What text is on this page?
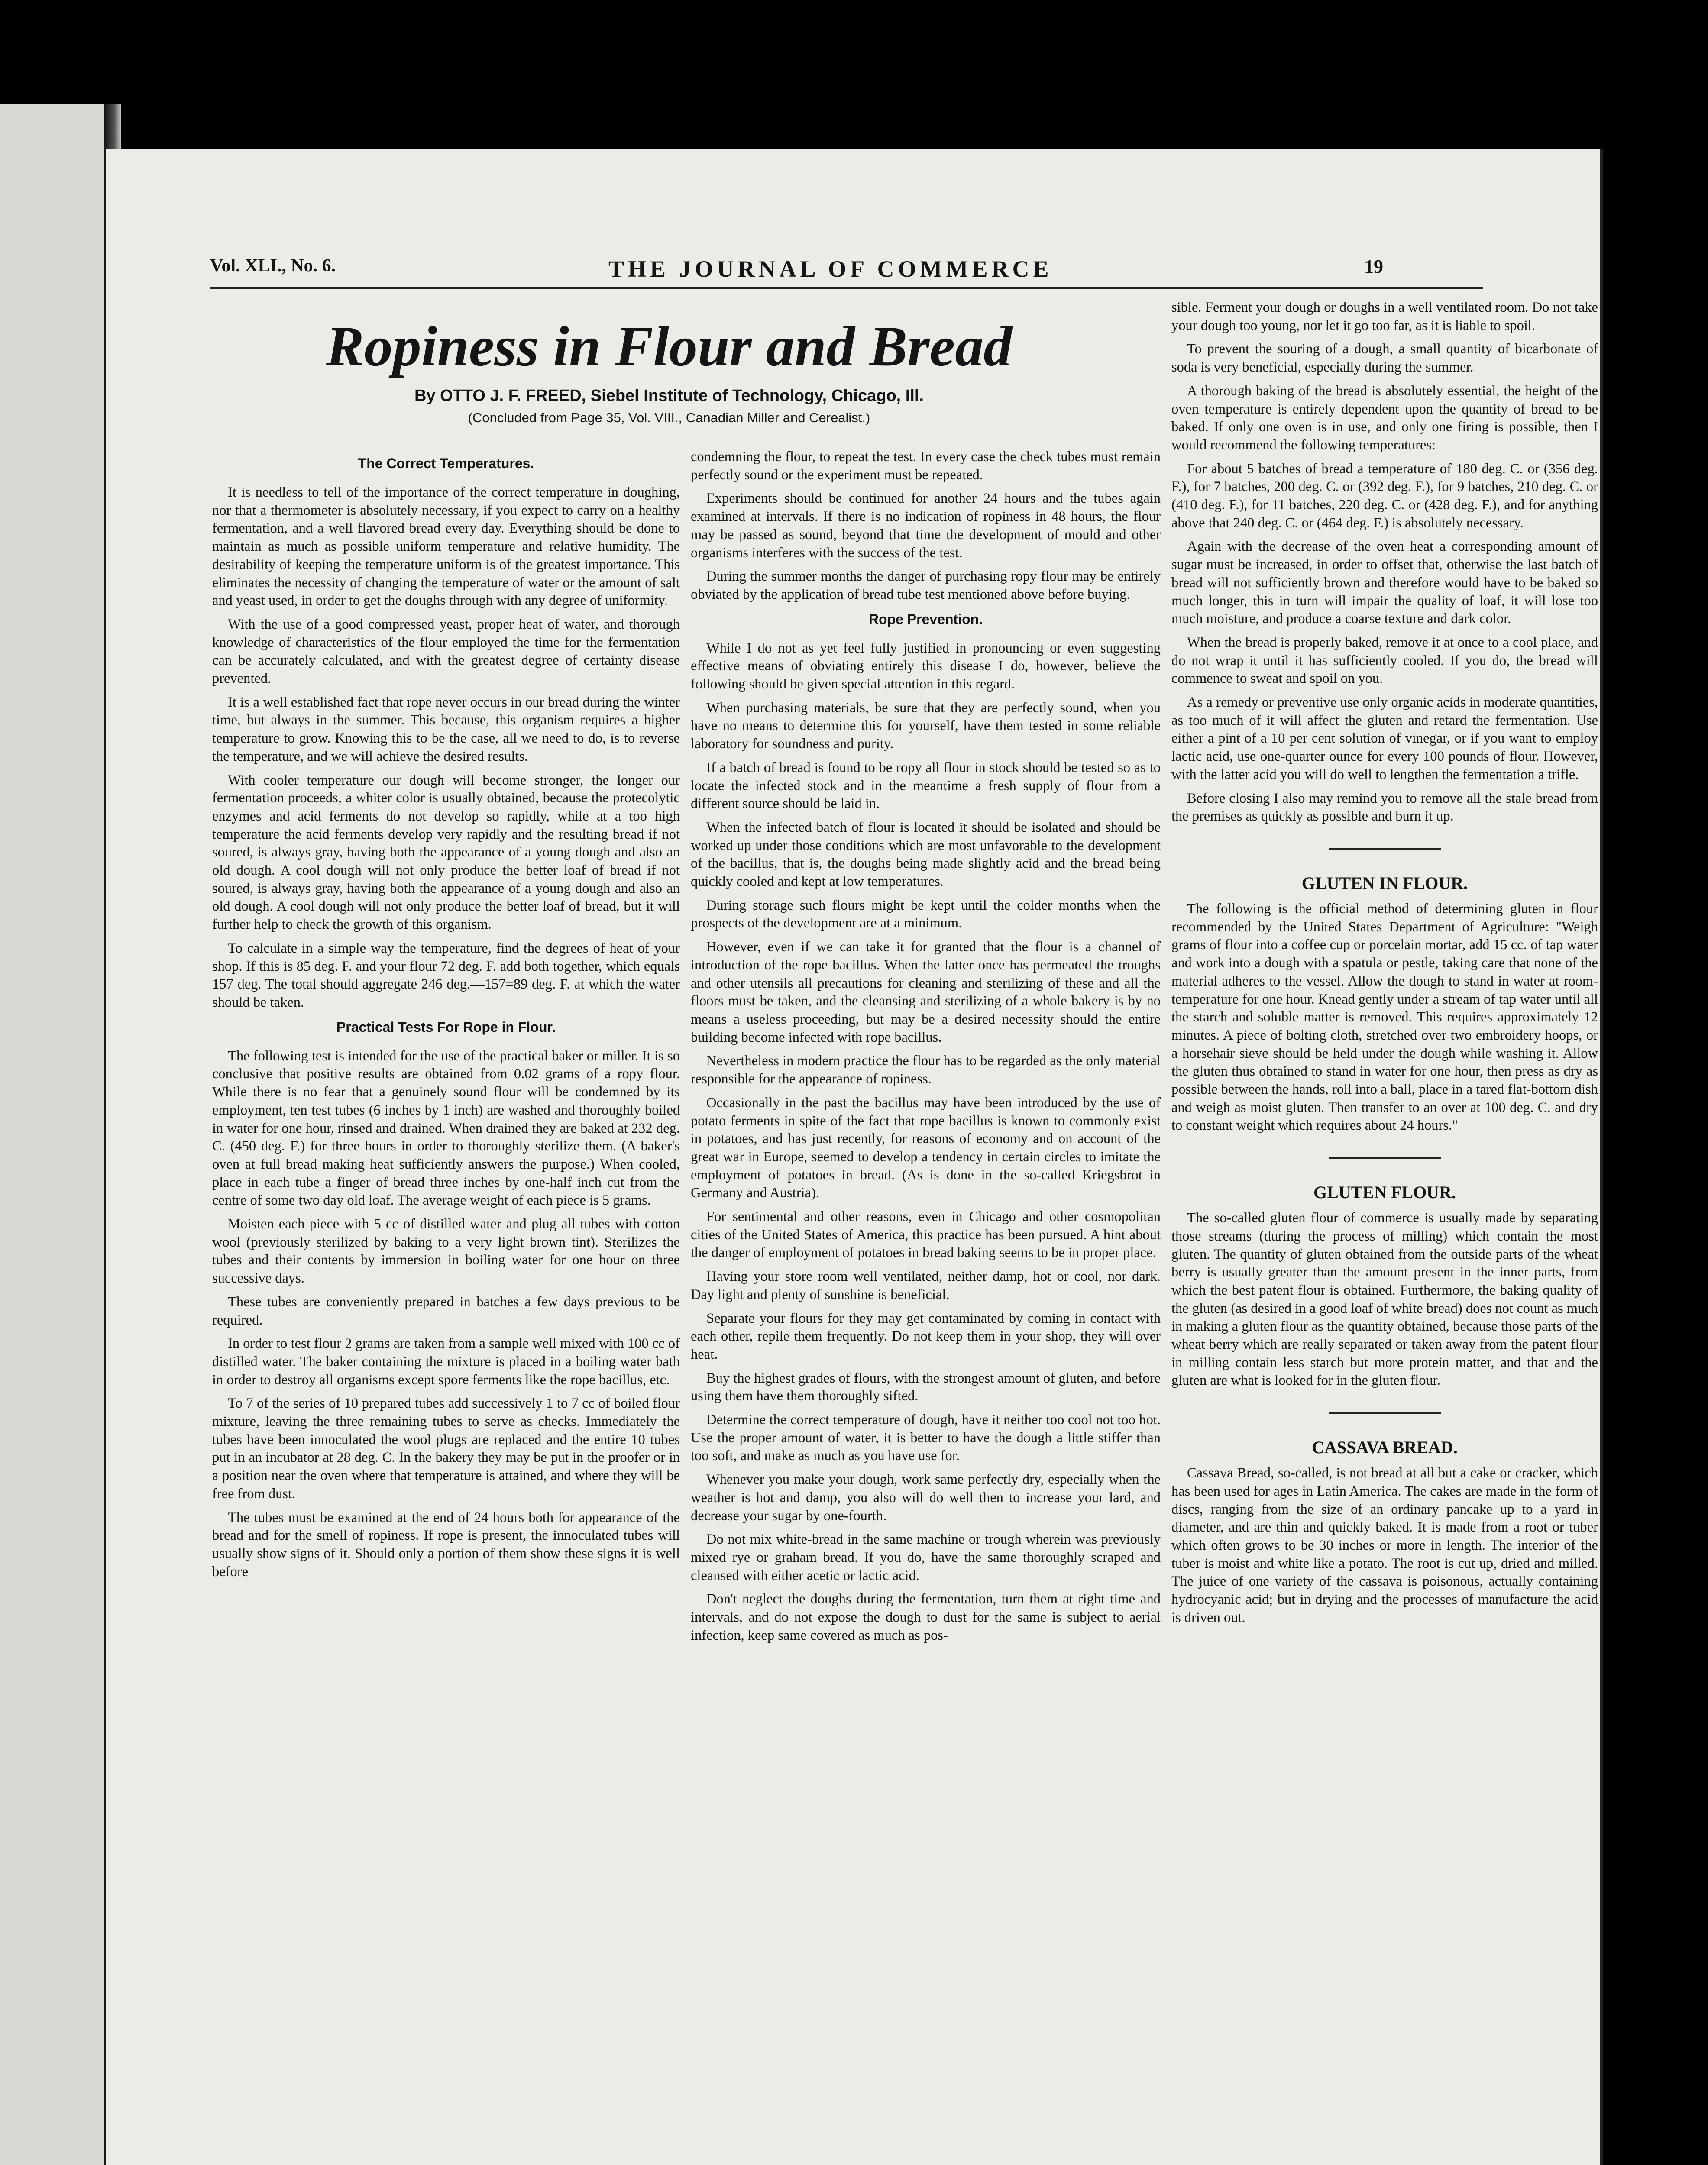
Vol. XLI., No. 6.	THE JOURNAL OF COMMERCE	19
Ropiness in Flour and Bread
By OTTO J. F. FREED, Siebel Institute of Technology, Chicago, Ill.
(Concluded from Page 35, Vol. VIII., Canadian Miller and Cerealist.)
The Correct Temperatures.

It is needless to tell of the importance of the correct temperature in doughing, nor that a thermometer is absolutely necessary, if you expect to carry on a healthy fermentation, and a well flavored bread every day. Everything should be done to maintain as much as possible uniform temperature and relative humidity. The desirability of keeping the temperature uniform is of the greatest importance. This eliminates the necessity of changing the temperature of water or the amount of salt and yeast used, in order to get the doughs through with any degree of uniformity.

With the use of a good compressed yeast, proper heat of water, and thorough knowledge of characteristics of the flour employed the time for the fermentation can be accurately calculated, and with the greatest degree of certainty disease prevented.

It is a well established fact that rope never occurs in our bread during the winter time, but always in the summer. This because, this organism requires a higher temperature to grow. Knowing this to be the case, all we need to do, is to reverse the temperature, and we will achieve the desired results.

With cooler temperature our dough will become stronger, the longer our fermentation proceeds, a whiter color is usually obtained, because the protecolytic enzymes and acid ferments do not develop so rapidly, while at a too high temperature the acid ferments develop very rapidly and the resulting bread if not soured, is always gray, having both the appearance of a young dough and also an old dough. A cool dough will not only produce the better loaf of bread if not soured, is always gray, having both the appearance of a young dough and also an old dough. A cool dough will not only produce the better loaf of bread, but it will further help to check the growth of this organism.

To calculate in a simple way the temperature, find the degrees of heat of your shop. If this is 85 deg. F. and your flour 72 deg. F. add both together, which equals 157 deg. The total should aggregate 246 deg.—157=89 deg. F. at which the water should be taken.

Practical Tests For Rope in Flour.

The following test is intended for the use of the practical baker or miller. It is so conclusive that positive results are obtained from 0.02 grams of a ropy flour. While there is no fear that a genuinely sound flour will be condemned by its employment, ten test tubes (6 inches by 1 inch) are washed and thoroughly boiled in water for one hour, rinsed and drained. When drained they are baked at 232 deg. C. (450 deg. F.) for three hours in order to thoroughly sterilize them. (A baker's oven at full bread making heat sufficiently answers the purpose.) When cooled, place in each tube a finger of bread three inches by one-half inch cut from the centre of some two day old loaf. The average weight of each piece is 5 grams.

Moisten each piece with 5 cc of distilled water and plug all tubes with cotton wool (previously sterilized by baking to a very light brown tint). Sterilizes the tubes and their contents by immersion in boiling water for one hour on three successive days.

These tubes are conveniently prepared in batches a few days previous to be required.

In order to test flour 2 grams are taken from a sample well mixed with 100 cc of distilled water. The baker containing the mixture is placed in a boiling water bath in order to destroy all organisms except spore ferments like the rope bacillus, etc.

To 7 of the series of 10 prepared tubes add successively 1 to 7 cc of boiled flour mixture, leaving the three remaining tubes to serve as checks. Immediately the tubes have been innoculated the wool plugs are replaced and the entire 10 tubes put in an incubator at 28 deg. C. In the bakery they may be put in the proofer or in a position near the oven where that temperature is attained, and where they will be free from dust.

The tubes must be examined at the end of 24 hours both for appearance of the bread and for the smell of ropiness. If rope is present, the innoculated tubes will usually show signs of it. Should only a portion of them show these signs it is well before

condemning the flour, to repeat the test. In every case the check tubes must remain perfectly sound or the experiment must be repeated.

Experiments should be continued for another 24 hours and the tubes again examined at intervals. If there is no indication of ropiness in 48 hours, the flour may be passed as sound, beyond that time the development of mould and other organisms interferes with the success of the test.

During the summer months the danger of purchasing ropy flour may be entirely obviated by the application of bread tube test mentioned above before buying.

Rope Prevention.

While I do not as yet feel fully justified in pronouncing or even suggesting effective means of obviating entirely this disease I do, however, believe the following should be given special attention in this regard.

When purchasing materials, be sure that they are perfectly sound, when you have no means to determine this for yourself, have them tested in some reliable laboratory for soundness and purity.

If a batch of bread is found to be ropy all flour in stock should be tested so as to locate the infected stock and in the meantime a fresh supply of flour from a different source should be laid in.

When the infected batch of flour is located it should be isolated and should be worked up under those conditions which are most unfavorable to the development of the bacillus, that is, the doughs being made slightly acid and the bread being quickly cooled and kept at low temperatures.

During storage such flours might be kept until the colder months when the prospects of the development are at a minimum.

However, even if we can take it for granted that the flour is a channel of introduction of the rope bacillus. When the latter once has permeated the troughs and other utensils all precautions for cleaning and sterilizing of these and all the floors must be taken, and the cleansing and sterilizing of a whole bakery is by no means a useless proceeding, but may be a desired necessity should the entire building become infected with rope bacillus.

Nevertheless in modern practice the flour has to be regarded as the only material responsible for the appearance of ropiness.

Occasionally in the past the bacillus may have been introduced by the use of potato ferments in spite of the fact that rope bacillus is known to commonly exist in potatoes, and has just recently, for reasons of economy and on account of the great war in Europe, seemed to develop a tendency in certain circles to imitate the employment of potatoes in bread. (As is done in the so-called Kriegsbrot in Germany and Austria).

For sentimental and other reasons, even in Chicago and other cosmopolitan cities of the United States of America, this practice has been pursued. A hint about the danger of employment of potatoes in bread baking seems to be in proper place.

Having your store room well ventilated, neither damp, hot or cool, nor dark. Day light and plenty of sunshine is beneficial.

Separate your flours for they may get contaminated by coming in contact with each other, repile them frequently. Do not keep them in your shop, they will over heat.

Buy the highest grades of flours, with the strongest amount of gluten, and before using them have them thoroughly sifted.

Determine the correct temperature of dough, have it neither too cool not too hot. Use the proper amount of water, it is better to have the dough a little stiffer than too soft, and make as much as you have use for.

Whenever you make your dough, work same perfectly dry, especially when the weather is hot and damp, you also will do well then to increase your lard, and decrease your sugar by one-fourth.

Do not mix white-bread in the same machine or trough wherein was previously mixed rye or graham bread. If you do, have the same thoroughly scraped and cleansed with either acetic or lactic acid.

Don't neglect the doughs during the fermentation, turn them at right time and intervals, and do not expose the dough to dust for the same is subject to aerial infection, keep same covered as much as pos-

sible. Ferment your dough or doughs in a well ventilated room. Do not take your dough too young, nor let it go too far, as it is liable to spoil.

To prevent the souring of a dough, a small quantity of bicarbonate of soda is very beneficial, especially during the summer.

A thorough baking of the bread is absolutely essential, the height of the oven temperature is entirely dependent upon the quantity of bread to be baked. If only one oven is in use, and only one firing is possible, then I would recommend the following temperatures:

For about 5 batches of bread a temperature of 180 deg. C. or (356 deg. F.), for 7 batches, 200 deg. C. or (392 deg. F.), for 9 batches, 210 deg. C. or (410 deg. F.), for 11 batches, 220 deg. C. or (428 deg. F.), and for anything above that 240 deg. C. or (464 deg. F.) is absolutely necessary.

Again with the decrease of the oven heat a corresponding amount of sugar must be increased, in order to offset that, otherwise the last batch of bread will not sufficiently brown and therefore would have to be baked so much longer, this in turn will impair the quality of loaf, it will lose too much moisture, and produce a coarse texture and dark color.

When the bread is properly baked, remove it at once to a cool place, and do not wrap it until it has sufficiently cooled. If you do, the bread will commence to sweat and spoil on you.

As a remedy or preventive use only organic acids in moderate quantities, as too much of it will affect the gluten and retard the fermentation. Use either a pint of a 10 per cent solution of vinegar, or if you want to employ lactic acid, use one-quarter ounce for every 100 pounds of flour. However, with the latter acid you will do well to lengthen the fermentation a trifle.

Before closing I also may remind you to remove all the stale bread from the premises as quickly as possible and burn it up.

GLUTEN IN FLOUR.

The following is the official method of determining gluten in flour recommended by the United States Department of Agriculture: "Weigh grams of flour into a coffee cup or porcelain mortar, add 15 cc. of tap water and work into a dough with a spatula or pestle, taking care that none of the material adheres to the vessel. Allow the dough to stand in water at room-temperature for one hour. Knead gently under a stream of tap water until all the starch and soluble matter is removed. This requires approximately 12 minutes. A piece of bolting cloth, stretched over two embroidery hoops, or a horsehair sieve should be held under the dough while washing it. Allow the gluten thus obtained to stand in water for one hour, then press as dry as possible between the hands, roll into a ball, place in a tared flat-bottom dish and weigh as moist gluten. Then transfer to an over at 100 deg. C. and dry to constant weight which requires about 24 hours."

GLUTEN FLOUR.

The so-called gluten flour of commerce is usually made by separating those streams (during the process of milling) which contain the most gluten. The quantity of gluten obtained from the outside parts of the wheat berry is usually greater than the amount present in the inner parts, from which the best patent flour is obtained. Furthermore, the baking quality of the gluten (as desired in a good loaf of white bread) does not count as much in making a gluten flour as the quantity obtained, because those parts of the wheat berry which are really separated or taken away from the patent flour in milling contain less starch but more protein matter, and that and the gluten are what is looked for in the gluten flour.

CASSAVA BREAD.

Cassava Bread, so-called, is not bread at all but a cake or cracker, which has been used for ages in Latin America. The cakes are made in the form of discs, ranging from the size of an ordinary pancake up to a yard in diameter, and are thin and quickly baked. It is made from a root or tuber which often grows to be 30 inches or more in length. The interior of the tuber is moist and white like a potato. The root is cut up, dried and milled. The juice of one variety of the cassava is poisonous, actually containing hydrocyanic acid; but in drying and the processes of manufacture the acid is driven out.
